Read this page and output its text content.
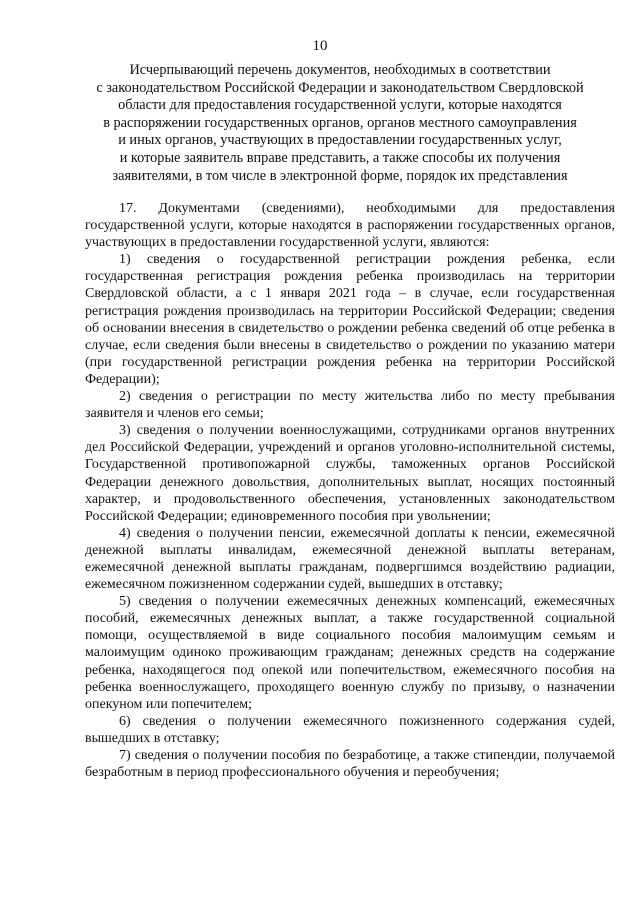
10
Исчерпывающий перечень документов, необходимых в соответствии
с законодательством Российской Федерации и законодательством Свердловской
области для предоставления государственной услуги, которые находятся
в распоряжении государственных органов, органов местного самоуправления
и иных органов, участвующих в предоставлении государственных услуг,
и которые заявитель вправе представить, а также способы их получения
заявителями, в том числе в электронной форме, порядок их представления

17. Документами (сведениями), необходимыми для предоставления государственной услуги, которые находятся в распоряжении государственных органов, участвующих в предоставлении государственной услуги, являются:

1) сведения о государственной регистрации рождения ребенка, если государственная регистрация рождения ребенка производилась на территории Свердловской области, а с 1 января 2021 года – в случае, если государственная регистрация рождения производилась на территории Российской Федерации; сведения об основании внесения в свидетельство о рождении ребенка сведений об отце ребенка в случае, если сведения были внесены в свидетельство о рождении по указанию матери (при государственной регистрации рождения ребенка на территории Российской Федерации);

2) сведения о регистрации по месту жительства либо по месту пребывания заявителя и членов его семьи;

3) сведения о получении военнослужащими, сотрудниками органов внутренних дел Российской Федерации, учреждений и органов уголовно-исполнительной системы, Государственной противопожарной службы, таможенных органов Российской Федерации денежного довольствия, дополнительных выплат, носящих постоянный характер, и продовольственного обеспечения, установленных законодательством Российской Федерации; единовременного пособия при увольнении;

4) сведения о получении пенсии, ежемесячной доплаты к пенсии, ежемесячной денежной выплаты инвалидам, ежемесячной денежной выплаты ветеранам, ежемесячной денежной выплаты гражданам, подвергшимся воздействию радиации, ежемесячном пожизненном содержании судей, вышедших в отставку;

5) сведения о получении ежемесячных денежных компенсаций, ежемесячных пособий, ежемесячных денежных выплат, а также государственной социальной помощи, осуществляемой в виде социального пособия малоимущим семьям и малоимущим одиноко проживающим гражданам; денежных средств на содержание ребенка, находящегося под опекой или попечительством, ежемесячного пособия на ребенка военнослужащего, проходящего военную службу по призыву, о назначении опекуном или попечителем;

6) сведения о получении ежемесячного пожизненного содержания судей, вышедших в отставку;

7) сведения о получении пособия по безработице, а также стипендии, получаемой безработным в период профессионального обучения и переобучения;
